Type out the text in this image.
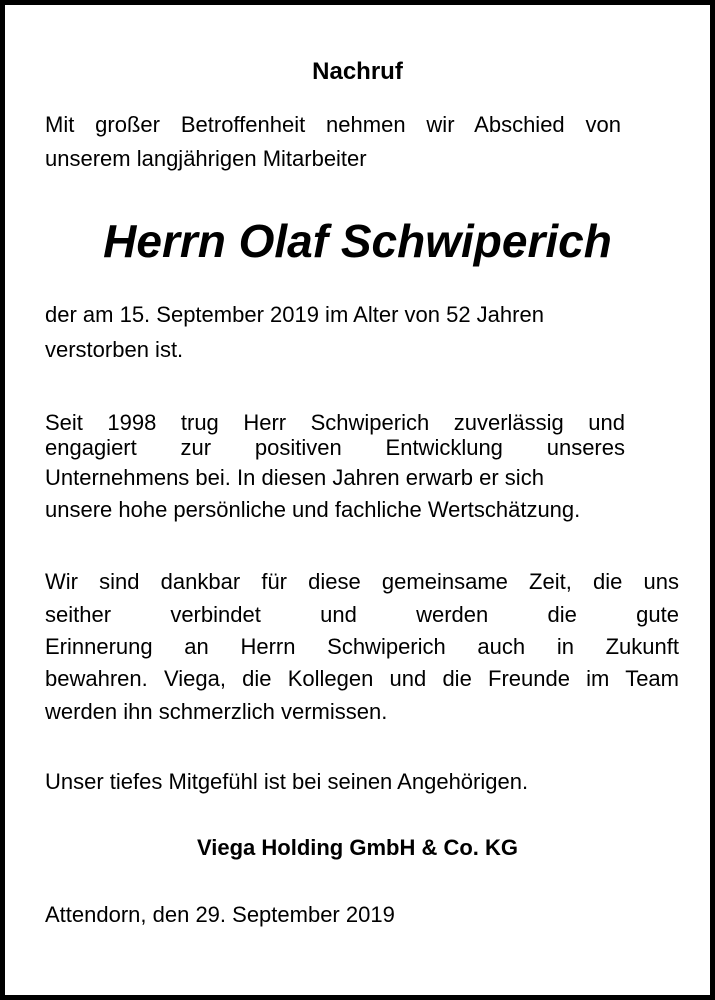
Nachruf

Mit großer Betroffenheit nehmen wir Abschied von

unserem langjährigen Mitarbeiter

Herrn Olaf Schwiperich

der am 15. September 2019 im Alter von 52 Jahren

verstorben ist.

Seit 1998 trug Herr Schwiperich zuverlässig und

engagiert zur positiven Entwicklung unseres

Unternehmens bei. In diesen Jahren erwarb er sich

unsere hohe persönliche und fachliche Wertschätzung.

Wir sind dankbar für diese gemeinsame Zeit, die uns

seither verbindet und werden die gute

Erinnerung an Herrn Schwiperich auch in Zukunft

bewahren. Viega, die Kollegen und die Freunde im Team

werden ihn schmerzlich vermissen.

Unser tiefes Mitgefühl ist bei seinen Angehörigen.

Viega Holding GmbH & Co. KG

Attendorn, den 29. September 2019
